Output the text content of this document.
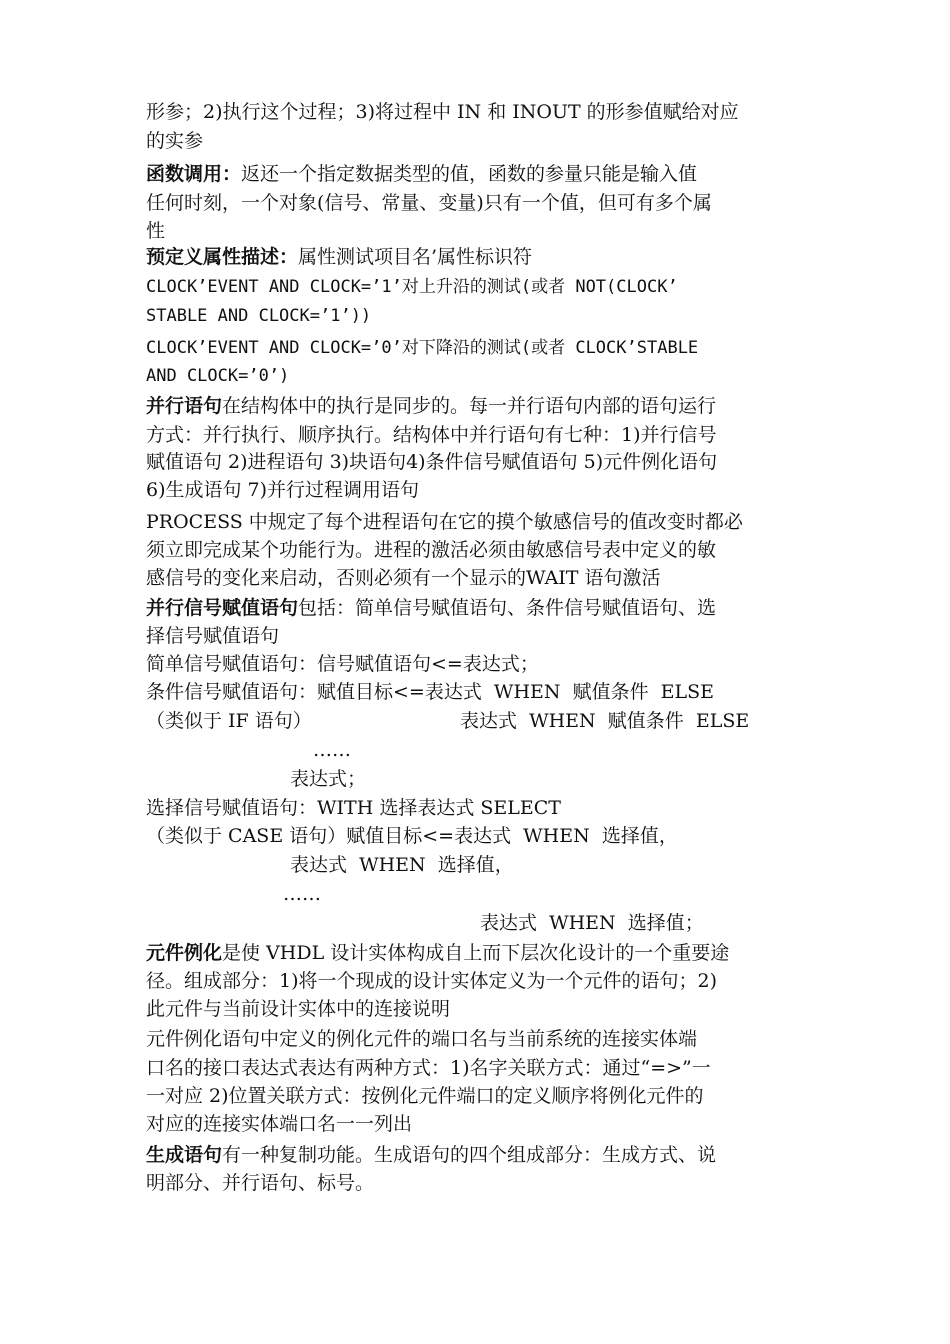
形参；2)执行这个过程；3)将过程中 IN 和 INOUT 的形参值赋给对应
的实参
函数调用：返还一个指定数据类型的值，函数的参量只能是输入值
任何时刻，一个对象(信号、常量、变量)只有一个值，但可有多个属
性
预定义属性描述：属性测试项目名’属性标识符
CLOCK’EVENT AND CLOCK=’1’对上升沿的测试(或者 NOT(CLOCK’
STABLE AND CLOCK=’1’))
CLOCK’EVENT AND CLOCK=’0’对下降沿的测试(或者 CLOCK’STABLE
AND CLOCK=’0’)
并行语句在结构体中的执行是同步的。每一并行语句内部的语句运行
方式：并行执行、顺序执行。结构体中并行语句有七种：1)并行信号
赋值语句 2)进程语句 3)块语句4)条件信号赋值语句 5)元件例化语句
6)生成语句 7)并行过程调用语句
PROCESS 中规定了每个进程语句在它的摸个敏感信号的值改变时都必
须立即完成某个功能行为。进程的激活必须由敏感信号表中定义的敏
感信号的变化来启动，否则必须有一个显示的WAIT 语句激活
并行信号赋值语句包括：简单信号赋值语句、条件信号赋值语句、选
择信号赋值语句
简单信号赋值语句：信号赋值语句<=表达式；
条件信号赋值语句：赋值目标<=表达式  WHEN  赋值条件  ELSE
（类似于 IF 语句）	表达式  WHEN  赋值条件  ELSE
……
表达式；
选择信号赋值语句：WITH 选择表达式 SELECT
（类似于 CASE 语句）赋值目标<=表达式  WHEN  选择值，
表达式  WHEN  选择值，
……
表达式  WHEN  选择值；
元件例化是使 VHDL 设计实体构成自上而下层次化设计的一个重要途
径。组成部分：1)将一个现成的设计实体定义为一个元件的语句；2)
此元件与当前设计实体中的连接说明
元件例化语句中定义的例化元件的端口名与当前系统的连接实体端
口名的接口表达式表达有两种方式：1)名字关联方式：通过“=>”一
一对应 2)位置关联方式：按例化元件端口的定义顺序将例化元件的
对应的连接实体端口名一一列出
生成语句有一种复制功能。生成语句的四个组成部分：生成方式、说
明部分、并行语句、标号。
